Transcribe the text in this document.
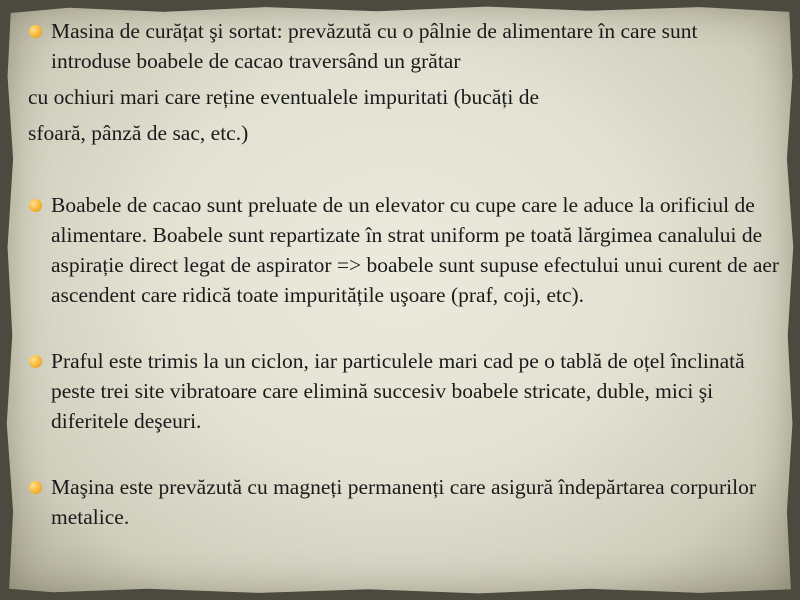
Masina de curățat şi sortat: prevăzută cu o pâlnie de alimentare în care sunt introduse boabele de cacao traversând un grătar
cu ochiuri mari care reține eventualele impuritati (bucăți de
sfoară, pânză de sac, etc.)
Boabele de cacao sunt preluate de un elevator cu cupe care le aduce la orificiul de alimentare. Boabele sunt repartizate în strat uniform pe toată lărgimea canalului de aspirație direct legat de aspirator => boabele sunt supuse efectului unui curent de aer ascendent care ridică toate impuritățile uşoare (praf, coji, etc).
Praful este trimis la un ciclon, iar particulele mari cad pe o tablă de oțel înclinată peste trei site vibratoare care elimină succesiv boabele stricate, duble, mici şi diferitele deşeuri.
Maşina este prevăzută cu magneți permanenți care asigură îndepărtarea corpurilor metalice.
